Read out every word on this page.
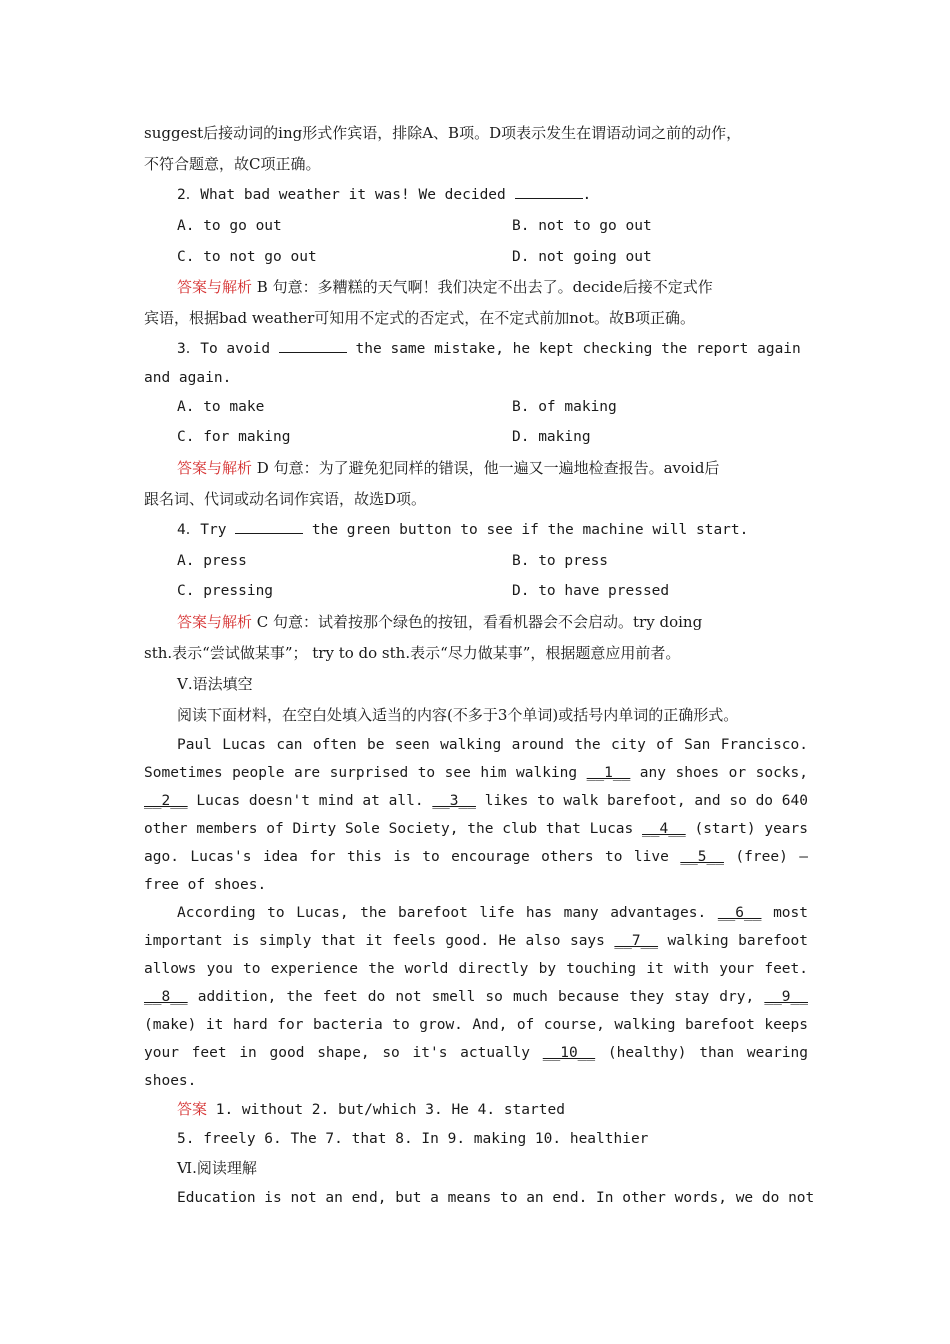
suggest后接动词的ing形式作宾语，排除A、B项。D项表示发生在谓语动词之前的动作，
不符合题意，故C项正确。
2．What bad weather it was! We decided	.
A. to go out	B. not to go out
C. to not go out	D. not going out
答案与解析 B 句意：多糟糕的天气啊！我们决定不出去了。decide后接不定式作
宾语，根据bad weather可知用不定式的否定式，在不定式前加not。故B项正确。
3．To avoid	the same mistake, he kept checking the report again
and again.
A. to make	B. of making
C. for making	D. making
答案与解析 D 句意：为了避免犯同样的错误，他一遍又一遍地检查报告。avoid后
跟名词、代词或动名词作宾语，故选D项。
4．Try	the green button to see if the machine will start.
A. press	B. to press
C. pressing	D. to have pressed
答案与解析 C 句意：试着按那个绿色的按钮，看看机器会不会启动。try doing
sth.表示“尝试做某事”； try to do sth.表示“尽力做某事”，根据题意应用前者。
Ⅴ.语法填空
阅读下面材料，在空白处填入适当的内容(不多于3个单词)或括号内单词的正确形式。
Paul Lucas can often be seen walking around the city of San Francisco.
Sometimes people are surprised to see him walking __1__ any shoes or socks,
__2__ Lucas doesn't mind at all. __3__ likes to walk barefoot, and so do 640
other members of Dirty Sole Society, the club that Lucas __4__ (start) years
ago. Lucas's idea for this is to encourage others to live __5__ (free) —
free of shoes.
According to Lucas, the barefoot life has many advantages. __6__ most
important is simply that it feels good. He also says __7__ walking barefoot
allows you to experience the world directly by touching it with your feet.
__8__ addition, the feet do not smell so much because they stay dry, __9__
(make) it hard for bacteria to grow. And, of course, walking barefoot keeps
your feet in good shape, so it's actually __10__ (healthy) than wearing
shoes.
答案 1. without 2. but/which 3. He 4. started
5. freely 6. The 7. that 8. In 9. making 10. healthier
Ⅵ.阅读理解
Education is not an end, but a means to an end. In other words, we do not
